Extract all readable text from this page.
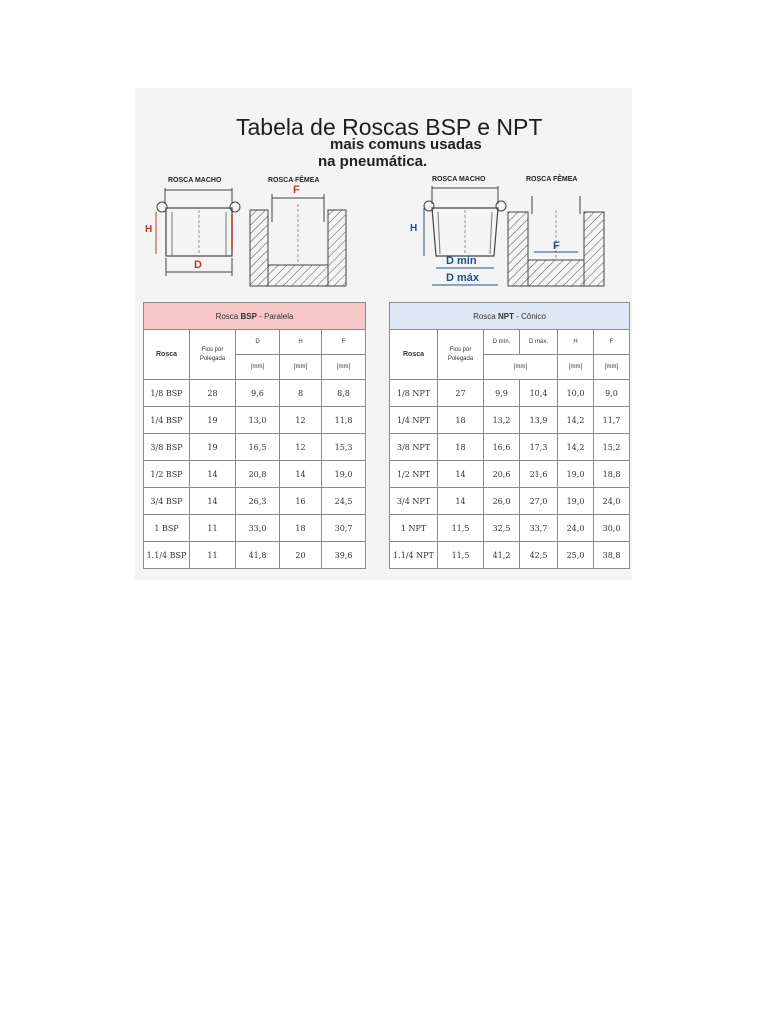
Tabela de Roscas BSP e NPT
mais comuns usadas
na pneumática.
ROSCA MACHO	ROSCA FÊMEA	ROSCA MACHO	ROSCA FÊMEA
H
D
F
H
D mín
D máx
F
Rosca BSP - Paralela				
Rosca	Fios por
Polegada	D	H	F
		[mm]	[mm]	[mm]
1/8 BSP	28	9,6	8	8,8
1/4 BSP	19	13,0	12	11,8
3/8 BSP	19	16,5	12	15,3
1/2 BSP	14	20,8	14	19,0
3/4 BSP	14	26,3	16	24,5
1 BSP	11	33,0	18	30,7
1.1/4 BSP	11	41,8	20	39,6
Rosca NPT - Cônico					
Rosca	Fios por
Polegada	D mín.	D máx.	H	F
		[mm]		[mm]	[mm]
1/8 NPT	27	9,9	10,4	10,0	9,0
1/4 NPT	18	13,2	13,9	14,2	11,7
3/8 NPT	18	16,6	17,3	14,2	15,2
1/2 NPT	14	20,6	21,6	19,0	18,8
3/4 NPT	14	26,0	27,0	19,0	24,0
1 NPT	11,5	32,5	33,7	24,0	30,0
1.1/4 NPT	11,5	41,2	42,5	25,0	38,8
